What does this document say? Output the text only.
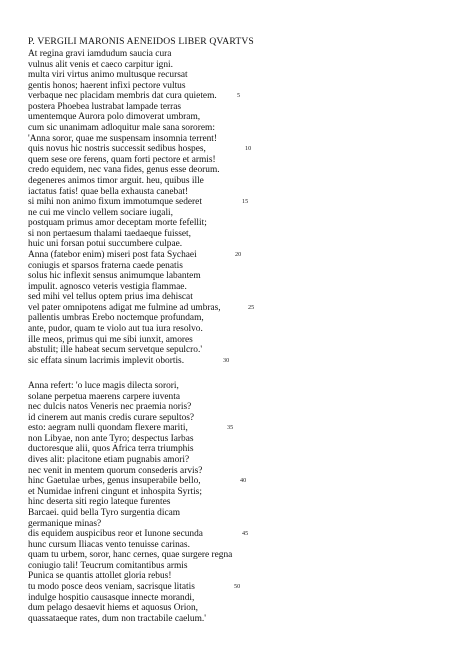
P. VERGILI MARONIS AENEIDOS LIBER QVARTVS
At regina gravi iamdudum saucia cura
vulnus alit venis et caeco carpitur igni.
multa viri virtus animo multusque recursat
gentis honos; haerent infixi pectore vultus
verbaque nec placidam membris dat cura quietem.	5
postera Phoebea lustrabat lampade terras
umentemque Aurora polo dimoverat umbram,
cum sic unanimam adloquitur male sana sororem:
'Anna soror, quae me suspensam insomnia terrent!
quis novus hic nostris successit sedibus hospes,	10
quem sese ore ferens, quam forti pectore et armis!
credo equidem, nec vana fides, genus esse deorum.
degeneres animos timor arguit. heu, quibus ille
iactatus fatis! quae bella exhausta canebat!
si mihi non animo fixum immotumque sederet	15
ne cui me vinclo vellem sociare iugali,
postquam primus amor deceptam morte fefellit;
si non pertaesum thalami taedaeque fuisset,
huic uni forsan potui succumbere culpae.
Anna (fatebor enim) miseri post fata Sychaei	20
coniugis et sparsos fraterna caede penatis
solus hic inflexit sensus animumque labantem
impulit. agnosco veteris vestigia flammae.
sed mihi vel tellus optem prius ima dehiscat
vel pater omnipotens adigat me fulmine ad umbras,	25
pallentis umbras Erebo noctemque profundam,
ante, pudor, quam te violo aut tua iura resolvo.
ille meos, primus qui me sibi iunxit, amores
abstulit; ille habeat secum servetque sepulcro.'
sic effata sinum lacrimis implevit obortis.	30
Anna refert: 'o luce magis dilecta sorori,
solane perpetua maerens carpere iuventa
nec dulcis natos Veneris nec praemia noris?
id cinerem aut manis credis curare sepultos?
esto: aegram nulli quondam flexere mariti,	35
non Libyae, non ante Tyro; despectus Iarbas
ductoresque alii, quos Africa terra triumphis
dives alit: placitone etiam pugnabis amori?
nec venit in mentem quorum consederis arvis?
hinc Gaetulae urbes, genus insuperabile bello,	40
et Numidae infreni cingunt et inhospita Syrtis;
hinc deserta siti regio lateque furentes
Barcaei. quid bella Tyro surgentia dicam
germanique minas?
dis equidem auspicibus reor et Iunone secunda	45
hunc cursum Iliacas vento tenuisse carinas.
quam tu urbem, soror, hanc cernes, quae surgere regna
coniugio tali! Teucrum comitantibus armis
Punica se quantis attollet gloria rebus!
tu modo posce deos veniam, sacrisque litatis	50
indulge hospitio causasque innecte morandi,
dum pelago desaevit hiems et aquosus Orion,
quassataeque rates, dum non tractabile caelum.'
